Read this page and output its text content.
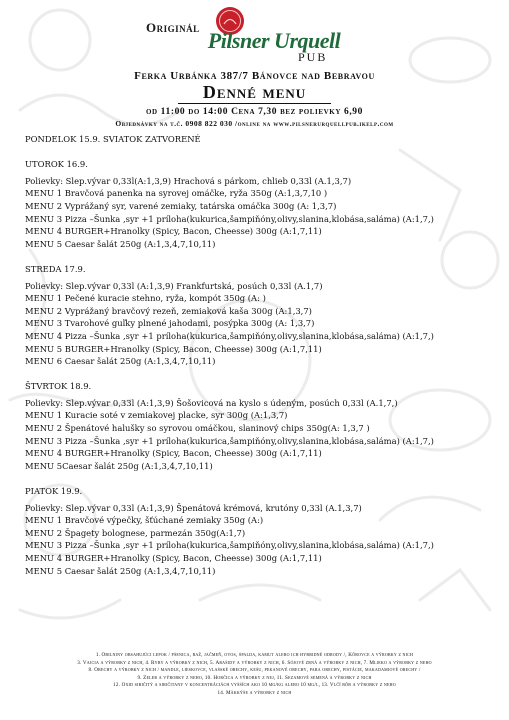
Originál
Pilsner Urquell
PUB
Ferka Urbánka 387/7 Bánovce nad Bebravou
Denné menu
od 11:00 do 14:00 Cena 7,30 bez polievky 6,90
Objednávky na t.č. 0908 822 030 /online na www.pilsnerurquellpub.ikelp.com
PONDELOK 15.9. SVIATOK ZATVORENÉ
UTOROK 16.9.
Polievky: Slep.vývar 0,33l(A:1,3,9) Hrachová s párkom, chlieb 0,33l (A.1,3,7)
MENU 1 Bravčová panenka na syrovej omáčke, ryža 350g (A:1,3,7,10 )
MENU 2 Vyprážaný syr, varené zemiaky, tatárska omáčka 300g (A: 1,3,7)
MENU 3 Pizza –Šunka ,syr +1 príloha(kukurica,šampiňóny,olivy,slanina,klobása,saláma) (A:1,7,)
MENU 4 BURGER+Hranolky (Spicy, Bacon, Cheesse) 300g (A:1,7,11)
MENU 5 Caesar šalát 250g (A:1,3,4,7,10,11)
STREDA 17.9.
Polievky: Slep.vývar 0,33l (A:1,3,9) Frankfurtská, posúch 0,33l (A.1,7)
MENU 1 Pečené kuracie stehno, ryža, kompót 350g (A: )
MENU 2 Vyprážaný bravčový rezeň, zemiaková kaša 300g (A:1,3,7)
MENU 3 Tvarohové guľky plnené jahodami, posýpka 300g (A: 1,3,7)
MENU 4 Pizza –Šunka ,syr +1 príloha(kukurica,šampiňóny,olivy,slanina,klobása,saláma) (A:1,7,)
MENU 5 BURGER+Hranolky (Spicy, Bacon, Cheesse) 300g (A:1,7,11)
MENU 6 Caesar šalát 250g (A:1,3,4,7,10,11)
ŠTVRTOK 18.9.
Polievky: Slep.vývar 0,33l (A:1,3,9) Šošovicová na kyslo s údeným, posúch 0,33l (A.1,7,)
MENU 1 Kuracie soté v zemiakovej placke, syr 300g (A:1,3,7)
MENU 2 Špenátové halušky so syrovou omáčkou, slaninový chips 350g(A: 1,3,7 )
MENU 3 Pizza –Šunka ,syr +1 príloha(kukurica,šampiňóny,olivy,slanina,klobása,saláma) (A:1,7,)
MENU 4 BURGER+Hranolky (Spicy, Bacon, Cheesse) 300g (A:1,7,11)
MENU 5Caesar šalát 250g (A:1,3,4,7,10,11)
PIATOK 19.9.
Polievky: Slep.vývar 0,33l (A:1,3,9) Špenátová krémová, krutóny 0,33l (A.1,3,7)
MENU 1 Bravčové výpečky, šťúchané zemiaky 350g (A:)
MENU 2 Špagety bolognese, parmezán 350g(A:1,7)
MENU 3 Pizza –Šunka ,syr +1 príloha(kukurica,šampiňóny,olivy,slanina,klobása,saláma) (A:1,7,)
MENU 4 BURGER+Hranolky (Spicy, Bacon, Cheesse) 300g (A:1,7,11)
MENU 5 Caesar šalát 250g (A:1,3,4,7,10,11)
1. Obilniny obsahujúci lepok / pšenica, raž, jačmeň, ovos, špalda, kamut alebo ich hybridné odrody /, Kôrovce a výrobky z nich
3. Vajcia a výrobky z nich, 4. Ryby a výrobky z nich, 5. Arašidy a výrobky z nich, 6. Sójové zrná a výrobky z nich, 7. Mlieko a výrobky z neho
8. Orechy a výrobky z nich / mandle, lieskovce, vlašské orechy, kešu, pekanové orechy, para orechy, pistácie, makadamiové orechy /
9. Zeler a výrobky z neho, 10. Horčica a výrobky z nej, 11. Sezamové semená a výrobky z nich
12. Oxid siričitý a siričitany v koncentráciách vyšších ako 10 mg/kg alebo 10 mg/l, 13. Vlčí bôb a výrobky z neho
14. Mäkkýše a výrobky z nich
